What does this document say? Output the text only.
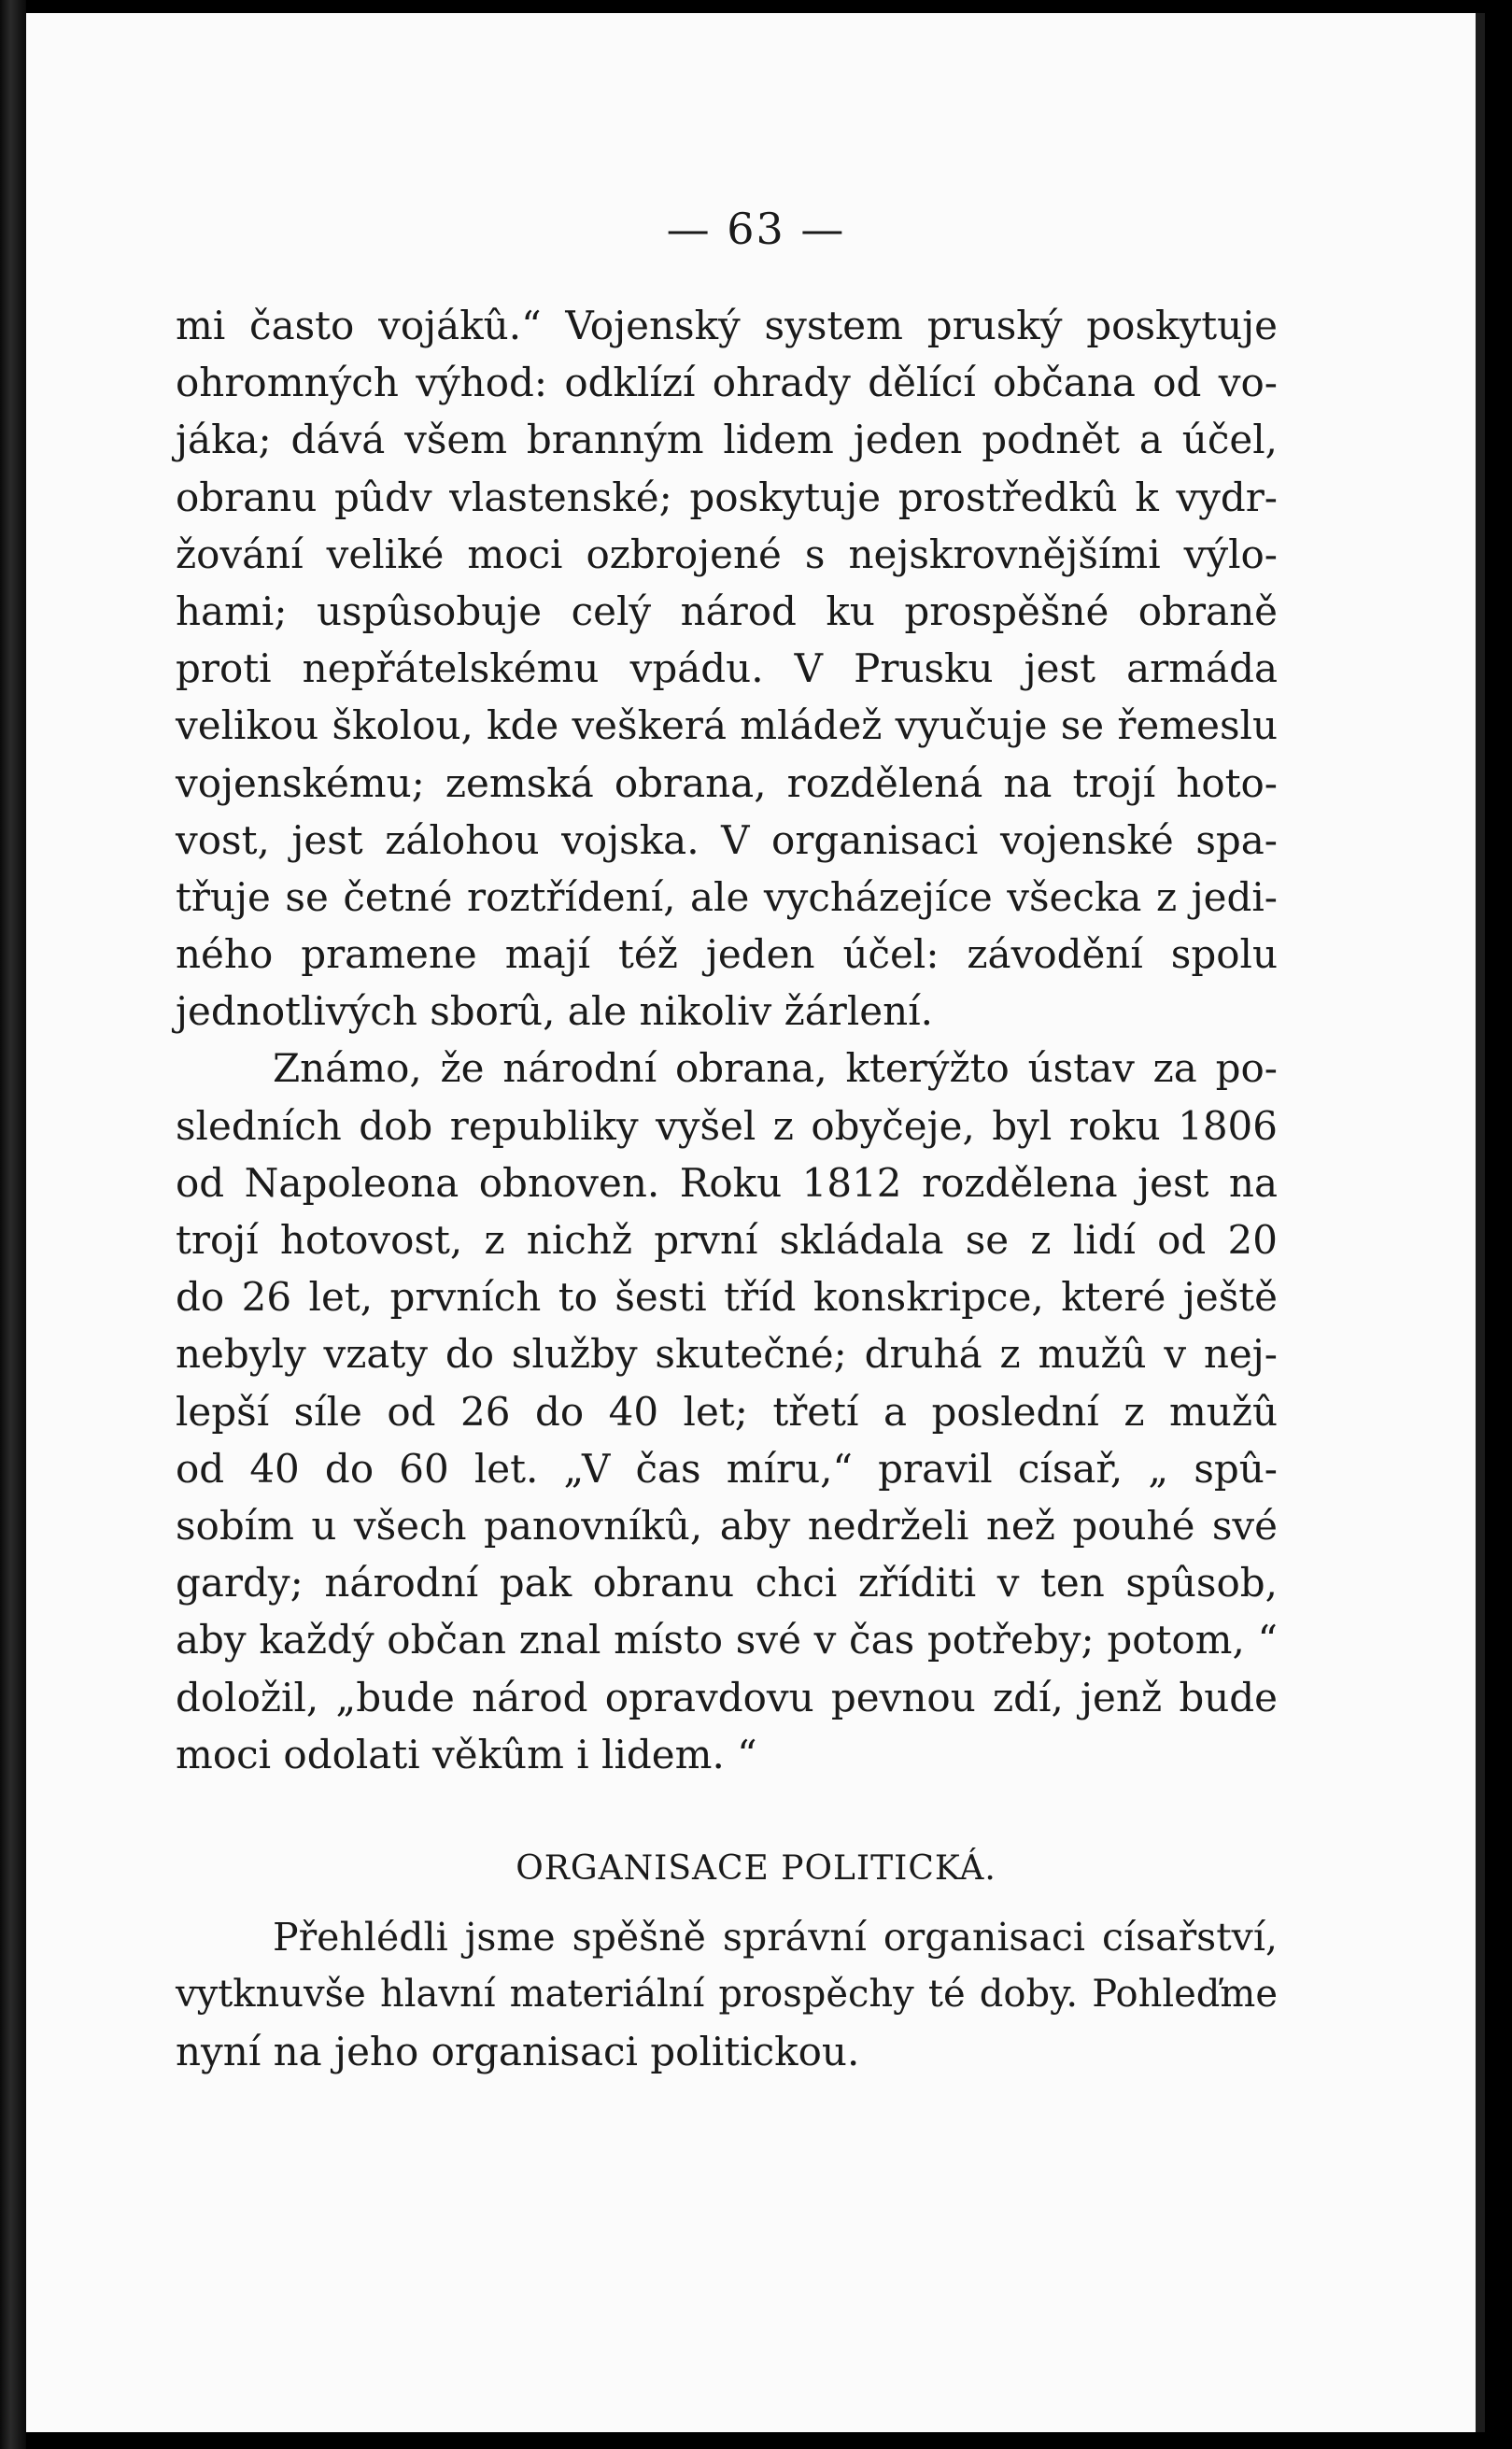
— 63 —
mi často vojákû.“ Vojenský system pruský poskytuje
ohromných výhod: odklízí ohrady dělící občana od vo-
jáka; dává všem branným lidem jeden podnět a účel,
obranu pûdv vlastenské; poskytuje prostředkû k vydr-
žování veliké moci ozbrojené s nejskrovnějšími výlo-
hami; uspûsobuje celý národ ku prospěšné obraně
proti nepřátelskému vpádu. V Prusku jest armáda
velikou školou, kde veškerá mládež vyučuje se řemeslu
vojenskému; zemská obrana, rozdělená na trojí hoto-
vost, jest zálohou vojska. V organisaci vojenské spa-
třuje se četné roztřídení, ale vycházejíce všecka z jedi-
ného pramene mají též jeden účel: závodění spolu
jednotlivých sborû, ale nikoliv žárlení.
Známo, že národní obrana, kterýžto ústav za po-
sledních dob republiky vyšel z obyčeje, byl roku 1806
od Napoleona obnoven. Roku 1812 rozdělena jest na
trojí hotovost, z nichž první skládala se z lidí od 20
do 26 let, prvních to šesti tříd konskripce, které ještě
nebyly vzaty do služby skutečné; druhá z mužû v nej-
lepší síle od 26 do 40 let; třetí a poslední z mužû
od 40 do 60 let. „V čas míru,“ pravil císař, „ spû-
sobím u všech panovníkû, aby nedrželi než pouhé své
gardy; národní pak obranu chci zříditi v ten spûsob,
aby každý občan znal místo své v čas potřeby; potom, “
doložil, „bude národ opravdovu pevnou zdí, jenž bude
moci odolati věkûm i lidem. “
ORGANISACE POLITICKÁ.
Přehlédli jsme spěšně správní organisaci císařství,
vytknuvše hlavní materiální prospěchy té doby. Pohleďme
nyní na jeho organisaci politickou.
